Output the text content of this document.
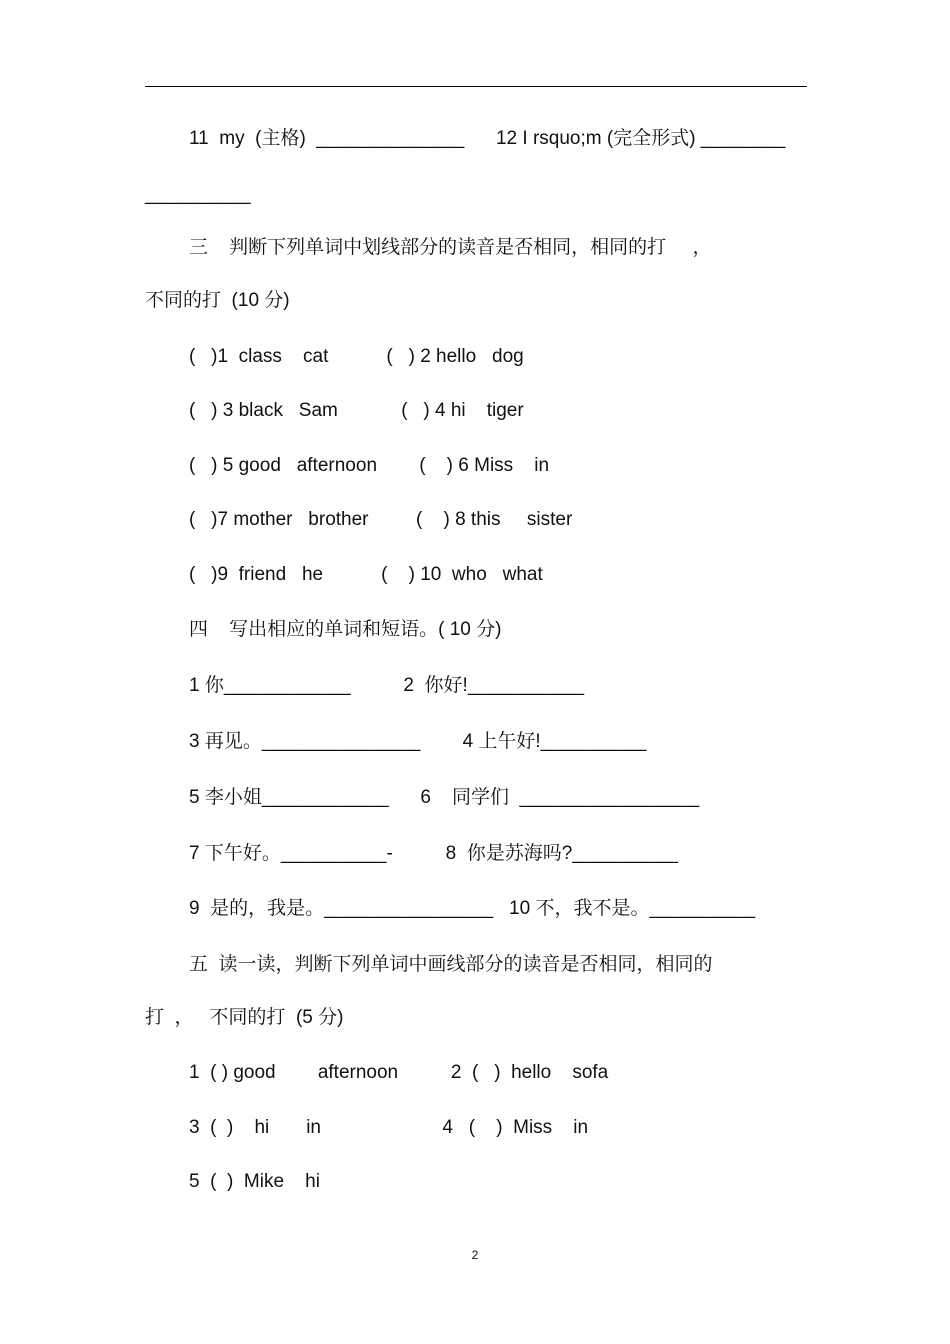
11  my  (主格)  ______________      12 I rsquo;m (完全形式) ________
__________
三    判断下列单词中划线部分的读音是否相同，相同的打     ，
不同的打  (10 分)
(   )1  class    cat           (   ) 2 hello   dog
(   ) 3 black   Sam            (   ) 4 hi    tiger
(   ) 5 good   afternoon        (    ) 6 Miss    in
(   )7 mother   brother         (    ) 8 this     sister
(   )9  friend   he           (    ) 10  who   what
四    写出相应的单词和短语。( 10 分)
1 你____________          2  你好!___________
3 再见。_______________        4 上午好!__________
5 李小姐____________      6    同学们  _________________
7 下午好。__________-          8  你是苏海吗?__________
9  是的，我是。________________   10 不，我不是。__________
五  读一读，判断下列单词中画线部分的读音是否相同，相同的
打  ，   不同的打  (5 分)
1  ( ) good        afternoon          2  (   )  hello    sofa
3  (  )    hi       in                       4   (    )  Miss    in
5  (  )  Mike    hi
2
